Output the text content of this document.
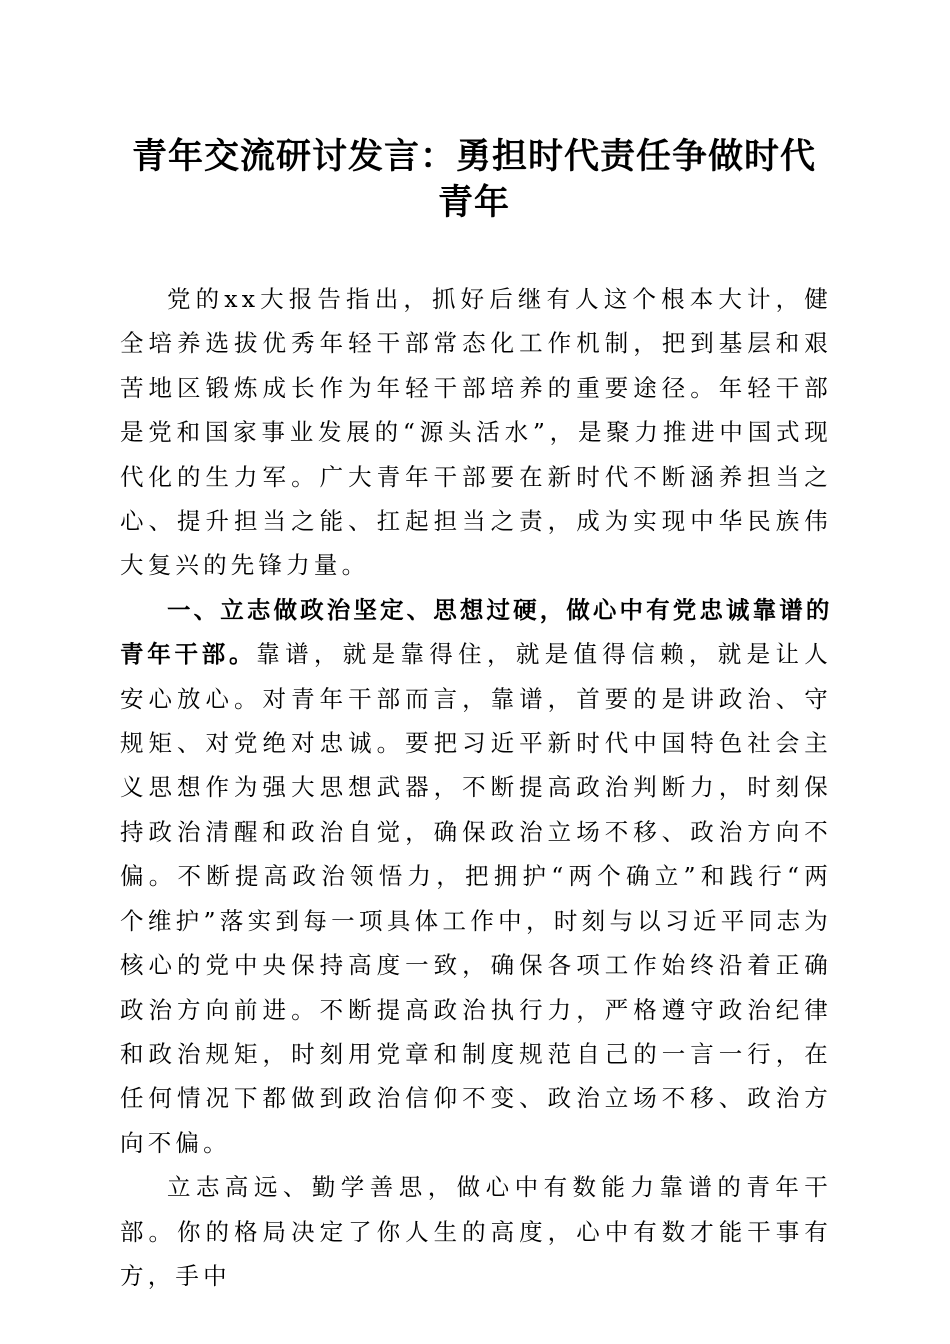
青年交流研讨发言：勇担时代责任争做时代青年

党的xx大报告指出，抓好后继有人这个根本大计，健全培养选拔优秀年轻干部常态化工作机制，把到基层和艰苦地区锻炼成长作为年轻干部培养的重要途径。年轻干部是党和国家事业发展的“源头活水”，是聚力推进中国式现代化的生力军。广大青年干部要在新时代不断涵养担当之心、提升担当之能、扛起担当之责，成为实现中华民族伟大复兴的先锋力量。

一、立志做政治坚定、思想过硬，做心中有党忠诚靠谱的青年干部。靠谱，就是靠得住，就是值得信赖，就是让人安心放心。对青年干部而言，靠谱，首要的是讲政治、守规矩、对党绝对忠诚。要把习近平新时代中国特色社会主义思想作为强大思想武器，不断提高政治判断力，时刻保持政治清醒和政治自觉，确保政治立场不移、政治方向不偏。不断提高政治领悟力，把拥护“两个确立”和践行“两个维护”落实到每一项具体工作中，时刻与以习近平同志为核心的党中央保持高度一致，确保各项工作始终沿着正确政治方向前进。不断提高政治执行力，严格遵守政治纪律和政治规矩，时刻用党章和制度规范自己的一言一行，在任何情况下都做到政治信仰不变、政治立场不移、政治方向不偏。

立志高远、勤学善思，做心中有数能力靠谱的青年干部。你的格局决定了你人生的高度，心中有数才能干事有方，手中
